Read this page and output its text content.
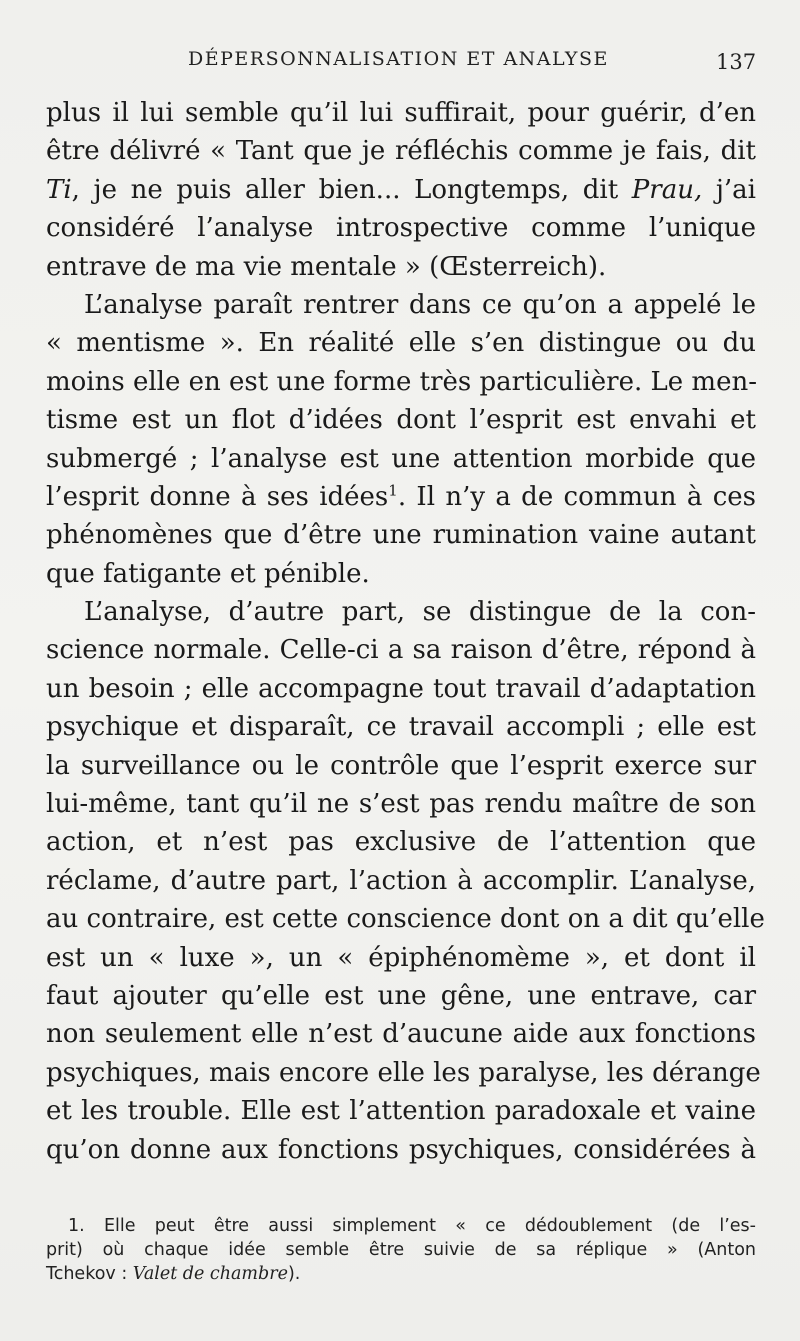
DÉPERSONNALISATION ET ANALYSE	137
plus il lui semble qu’il lui suffirait, pour guérir, d’en
être délivré « Tant que je réfléchis comme je fais, dit
Ti, je ne puis aller bien... Longtemps, dit Prau, j’ai
considéré l’analyse introspective comme l’unique
entrave de ma vie mentale » (Œsterreich).
L’analyse paraît rentrer dans ce qu’on a appelé le
« mentisme ». En réalité elle s’en distingue ou du
moins elle en est une forme très particulière. Le men-
tisme est un flot d’idées dont l’esprit est envahi et
submergé ; l’analyse est une attention morbide que
l’esprit donne à ses idées$^1$. Il n’y a de commun à ces
phénomènes que d’être une rumination vaine autant
que fatigante et pénible.
L’analyse, d’autre part, se distingue de la con-
science normale. Celle-ci a sa raison d’être, répond à
un besoin ; elle accompagne tout travail d’adaptation
psychique et disparaît, ce travail accompli ; elle est
la surveillance ou le contrôle que l’esprit exerce sur
lui-même, tant qu’il ne s’est pas rendu maître de son
action, et n’est pas exclusive de l’attention que
réclame, d’autre part, l’action à accomplir. L’analyse,
au contraire, est cette conscience dont on a dit qu’elle
est un « luxe », un « épiphénomème », et dont il
faut ajouter qu’elle est une gêne, une entrave, car
non seulement elle n’est d’aucune aide aux fonctions
psychiques, mais encore elle les paralyse, les dérange
et les trouble. Elle est l’attention paradoxale et vaine
qu’on donne aux fonctions psychiques, considérées à
1. Elle peut être aussi simplement « ce dédoublement (de l’es-
prit) où chaque idée semble être suivie de sa réplique » (Anton
Tchekov : Valet de chambre).
